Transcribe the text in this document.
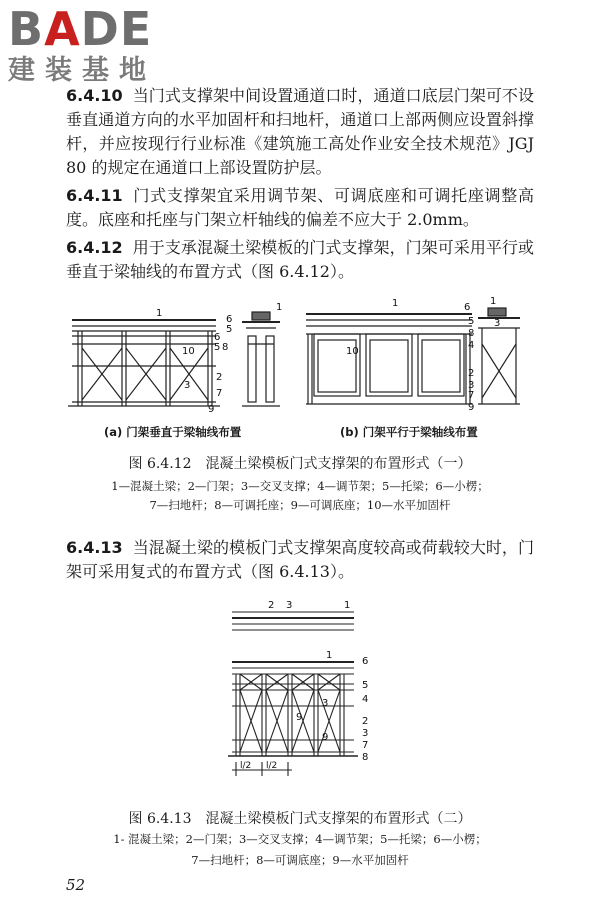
BADE
建装基地
6.4.10 当门式支撑架中间设置通道口时，通道口底层门架可不设垂直通道方向的水平加固杆和扫地杆，通道口上部两侧应设置斜撑杆，并应按现行行业标准《建筑施工高处作业安全技术规范》JGJ 80 的规定在通道口上部设置防护层。
6.4.11 门式支撑架宜采用调节架、可调底座和可调托座调整高度。底座和托座与门架立杆轴线的偏差不应大于 2.0mm。
6.4.12 用于支承混凝土梁模板的门式支撑架，门架可采用平行或垂直于梁轴线的布置方式（图 6.4.12）。
1
6
5
6
5 8
10
2
3
7
9
1	1	6
5
8
4
10
2
3
7
9
1
3
(a) 门架垂直于梁轴线布置	(b) 门架平行于梁轴线布置
图 6.4.12　混凝土梁模板门式支撑架的布置形式（一）
1—混凝土梁；2—门架；3—交叉支撑；4—调节架；5—托梁；6—小楞；
7—扫地杆；8—可调托座；9—可调底座；10—水平加固杆
6.4.13 当混凝土梁的模板门式支撑架高度较高或荷载较大时，门架可采用复式的布置方式（图 6.4.13）。
2 3	1
1
6
5
4
2
3
7
8
9
3
9
l/2 l/2
图 6.4.13　混凝土梁模板门式支撑架的布置形式（二）
1- 混凝土梁；2—门架；3—交叉支撑；4—调节架；5—托梁；6—小楞；
7—扫地杆；8—可调底座；9—水平加固杆
52
